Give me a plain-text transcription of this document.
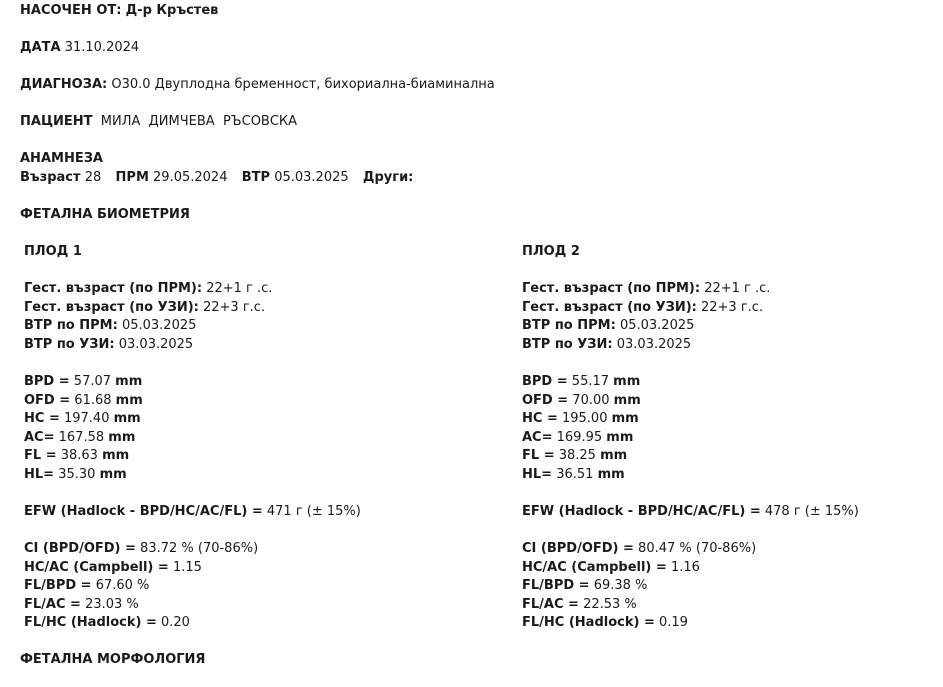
НАСОЧЕН ОТ: Д-р Кръстев
ДАТА 31.10.2024
ДИАГНОЗА: O30.0 Двуплодна бременност, бихориална-биаминална
ПАЦИЕНТ МИЛА  ДИМЧЕВА  РЪСОВСКА
АНАМНЕЗА
Възраст 28 ПРМ 29.05.2024 ВТР 05.03.2025 Други:
ФЕТАЛНА БИОМЕТРИЯ
ПЛОД 1
Гест. възраст (по ПРМ): 22+1 г .с.
Гест. възраст (по УЗИ): 22+3 г.с.
ВТР по ПРМ: 05.03.2025
ВТР по УЗИ: 03.03.2025
BPD = 57.07 mm
OFD = 61.68 mm
HC = 197.40 mm
AC= 167.58 mm
FL = 38.63 mm
HL= 35.30 mm
EFW (Hadlock - BPD/HC/AC/FL) = 471 г (± 15%)
CI (BPD/OFD) = 83.72 % (70-86%)
HC/AC (Campbell) = 1.15
FL/BPD = 67.60 %
FL/AC = 23.03 %
FL/HC (Hadlock) = 0.20
ПЛОД 2
Гест. възраст (по ПРМ): 22+1 г .с.
Гест. възраст (по УЗИ): 22+3 г.с.
ВТР по ПРМ: 05.03.2025
ВТР по УЗИ: 03.03.2025
BPD = 55.17 mm
OFD = 70.00 mm
HC = 195.00 mm
AC= 169.95 mm
FL = 38.25 mm
HL= 36.51 mm
EFW (Hadlock - BPD/HC/AC/FL) = 478 г (± 15%)
CI (BPD/OFD) = 80.47 % (70-86%)
HC/AC (Campbell) = 1.16
FL/BPD = 69.38 %
FL/AC = 22.53 %
FL/HC (Hadlock) = 0.19
ФЕТАЛНА МОРФОЛОГИЯ
